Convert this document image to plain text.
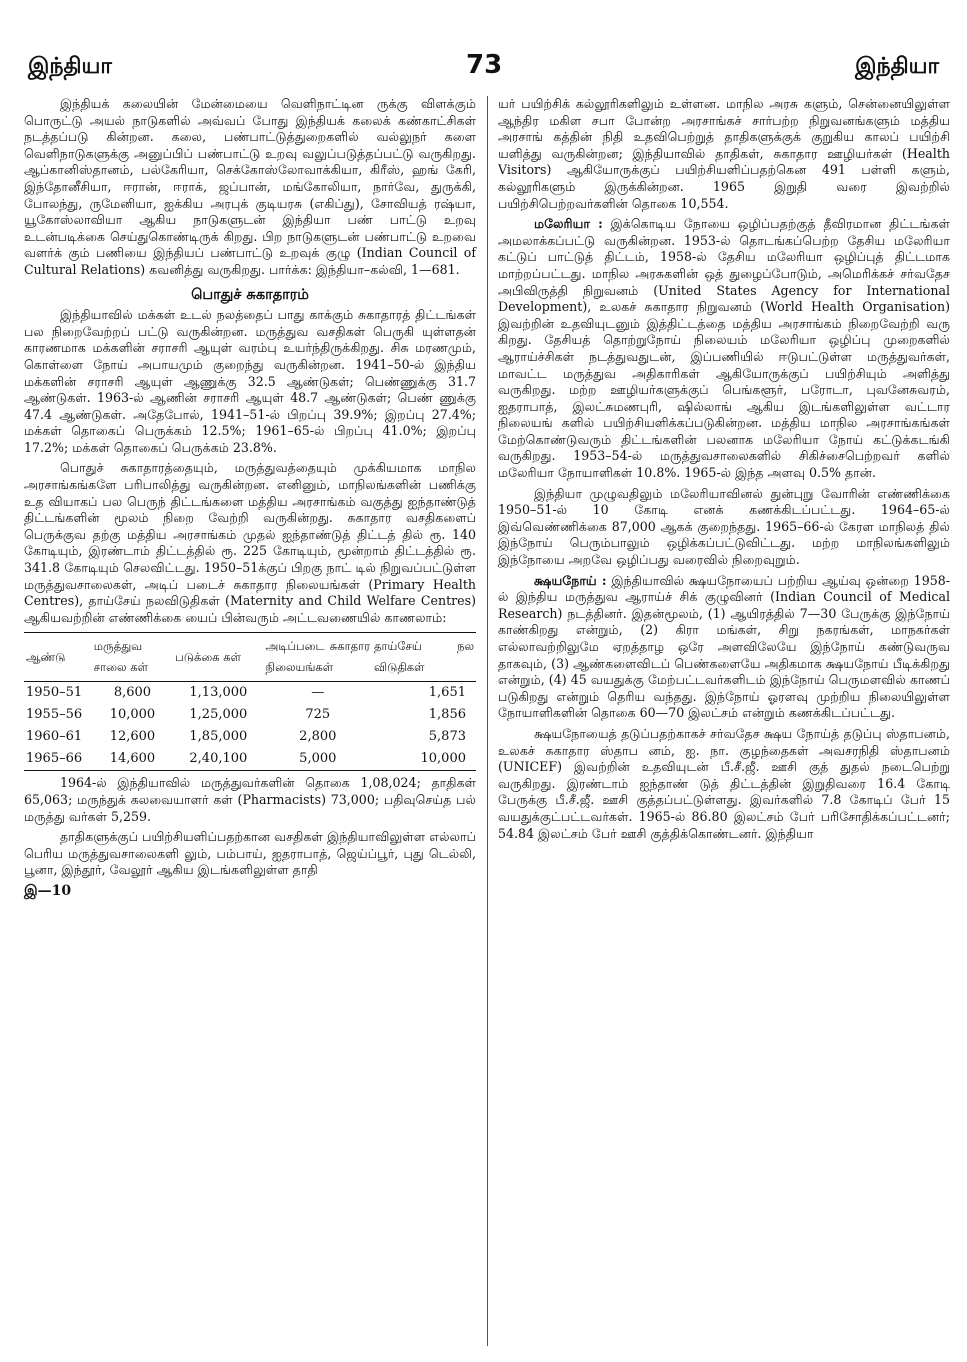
இந்தியா	73	இந்தியா

இந்தியக் கலையின் மேன்மையை வெளிநாட்டின ருக்கு விளக்கும் பொருட்டு அயல் நாடுகளில் அவ்வப் போது இந்தியக் கலைக் கண்காட்சிகள் நடத்தப்படு கின்றன. கலை, பண்பாட்டுத்துறைகளில் வல்லுநர் களை வெளிநாடுகளுக்கு அனுப்பிப் பண்பாட்டு உறவு வலுப்படுத்தப்பட்டு வருகிறது. ஆப்கானிஸ்தானம், பல்கேரியா, செக்கோஸ்லோவாக்கியா, கிரீஸ், ஹங் கேரி, இந்தோனீசியா, ஈரான், ஈராக், ஜப்பான், மங்கோலியா, நார்வே, துருக்கி, போலந்து, ருமேனியா, ஐக்கிய அரபுக் குடியரசு (எகிப்து), சோவியத் ரஷ்யா, யூகோஸ்லாவியா ஆகிய நாடுகளுடன் இந்தியா பண் பாட்டு உறவு உடன்படிக்கை செய்துகொண்டிருக் கிறது. பிற நாடுகளுடன் பண்பாட்டு உறவை வளர்க் கும் பணியை இந்தியப் பண்பாட்டு உறவுக் குழு (Indian Council of Cultural Relations) கவனித்து வருகிறது. பார்க்க: இந்தியா–கல்வி, 1—681.

பொதுச் சுகாதாரம்

இந்தியாவில் மக்கள் உடல் நலத்தைப் பாது காக்கும் சுகாதாரத் திட்டங்கள் பல நிறைவேற்றப் பட்டு வருகின்றன. மருத்துவ வசதிகள் பெருகி யுள்ளதன் காரணமாக மக்களின் சராசரி ஆயுள் வரம்பு உயர்ந்திருக்கிறது. சிசு மரணமும், கொள்ளை நோய் அபாயமும் குறைந்து வருகின்றன. 1941–50-ல் இந்திய மக்களின் சராசரி ஆயுள் ஆணுக்கு 32.5 ஆண்டுகள்; பெண்ணுக்கு 31.7 ஆண்டுகள். 1963-ல் ஆணின் சராசரி ஆயுள் 48.7 ஆண்டுகள்; பெண் ணுக்கு 47.4 ஆண்டுகள். அதேபோல், 1941–51-ல் பிறப்பு 39.9%; இறப்பு 27.4%; மக்கள் தொகைப் பெருக்கம் 12.5%; 1961–65-ல் பிறப்பு 41.0%; இறப்பு 17.2%; மக்கள் தொகைப் பெருக்கம் 23.8%.

பொதுச் சுகாதாரத்தையும், மருத்துவத்தையும் முக்கியமாக மாநில அரசாங்கங்களே பரிபாலித்து வருகின்றன. எனினும், மாநிலங்களின் பணிக்கு உத வியாகப் பல பெருந் திட்டங்களை மத்திய அரசாங்கம் வகுத்து ஐந்தாண்டுத் திட்டங்களின் மூலம் நிறை வேற்றி வருகின்றது. சுகாதார வசதிகளைப் பெருக்குவ தற்கு மத்திய அரசாங்கம் முதல் ஐந்தாண்டுத் திட்டத் தில் ரூ. 140 கோடியும், இரண்டாம் திட்டத்தில் ரூ. 225 கோடியும், மூன்றாம் திட்டத்தில் ரூ. 341.8 கோடியும் செலவிட்டது. 1950–51க்குப் பிறகு நாட் டில் நிறுவப்பட்டுள்ள மருத்துவசாலைகள், அடிப் படைச் சுகாதார நிலையங்கள் (Primary Health Centres), தாய்சேய் நலவிடுதிகள் (Maternity and Child Welfare Centres) ஆகியவற்றின் எண்ணிக்கை யைப் பின்வரும் அட்டவணையில் காணலாம்:

ஆண்டு	மருத்துவ சாலை கள்	படுக்கை கள்	அடிப்படை சுகாதார நிலையங்கள்	தாய்சேய் நல விடுதிகள்
1950–51	8,600	1,13,000	—	1,651
1955–56	10,000	1,25,000	725	1,856
1960–61	12,600	1,85,000	2,800	5,873
1965–66	14,600	2,40,100	5,000	10,000

1964-ல் இந்தியாவில் மருத்துவர்களின் தொகை 1,08,024; தாதிகள் 65,063; மருந்துக் கலவையாளர் கள் (Pharmacists) 73,000; பதிவுசெய்த பல் மருத்து வர்கள் 5,259.

தாதிகளுக்குப் பயிற்சியளிப்பதற்கான வசதிகள் இந்தியாவிலுள்ள எல்லாப் பெரிய மருத்துவசாலைகளி லும், பம்பாய், ஐதராபாத், ஜெய்ப்பூர், புது டெல்லி, பூனா, இந்தூர், வேலூர் ஆகிய இடங்களிலுள்ள தாதி

இ—10

யர் பயிற்சிக் கல்லூரிகளிலும் உள்ளன. மாநில அரசு களும், சென்னையிலுள்ள ஆந்திர மகிள சபா போன்ற அரசாங்கச் சார்பற்ற நிறுவனங்களும் மத்திய அரசாங் கத்தின் நிதி உதவிபெற்றுத் தாதிகளுக்குக் குறுகிய காலப் பயிற்சி யளித்து வருகின்றன; இந்தியாவில் தாதிகள், சுகாதார ஊழியர்கள் (Health Visitors) ஆகியோருக்குப் பயிற்சியளிப்பதற்கென 491 பள்ளி களும், கல்லூரிகளும் இருக்கின்றன. 1965 இறுதி வரை இவற்றில் பயிற்சிபெற்றவர்களின் தொகை 10,554.

மலேரியா : இக்கொடிய நோயை ஒழிப்பதற்குத் தீவிரமான திட்டங்கள் அமலாக்கப்பட்டு வருகின்றன. 1953-ல் தொடங்கப்பெற்ற தேசிய மலேரியா கட்டுப் பாட்டுத் திட்டம், 1958-ல் தேசிய மலேரியா ஒழிப்புத் திட்டமாக மாற்றப்பட்டது. மாநில அரசுகளின் ஒத் துழைப்போடும், அமெரிக்கச் சர்வதேச அபிவிருத்தி நிறுவனம் (United States Agency for International Development), உலகச் சுகாதார நிறுவனம் (World Health Organisation) இவற்றின் உதவியுடனும் இத்திட்டத்தை மத்திய அரசாங்கம் நிறைவேற்றி வரு கிறது. தேசியத் தொற்றுநோய் நிலையம் மலேரியா ஒழிப்பு முறைகளில் ஆராய்ச்சிகள் நடத்துவதுடன், இப்பணியில் ஈடுபட்டுள்ள மருத்துவர்கள், மாவட்ட மருத்துவ அதிகாரிகள் ஆகியோருக்குப் பயிற்சியும் அளித்து வருகிறது. மற்ற ஊழியர்களுக்குப் பெங்களூர், பரோடா, புவனேசுவரம், ஐதராபாத், இலட்சுமணபுரி, ஷில்லாங் ஆகிய இடங்களிலுள்ள வட்டார நிலையங் களில் பயிற்சியளிக்கப்படுகின்றன. மத்திய மாநில அரசாங்கங்கள் மேற்கொண்டுவரும் திட்டங்களின் பலனாக மலேரியா நோய் கட்டுக்கடங்கி வருகிறது. 1953–54-ல் மருத்துவசாலைகளில் சிகிச்சைபெற்றவர் களில் மலேரியா நோயாளிகள் 10.8%. 1965-ல் இந்த அளவு 0.5% தான்.

இந்தியா முழுவதிலும் மலேரியாவினல் துன்புறு வோரின் எண்ணிக்கை 1950–51-ல் 10 கோடி எனக் கணக்கிடப்பட்டது. 1964–65-ல் இவ்வெண்ணிக்கை 87,000 ஆகக் குறைந்தது. 1965–66-ல் கேரள மாநிலத் தில் இந்நோய் பெரும்பாலும் ஒழிக்கப்பட்டுவிட்டது. மற்ற மாநிலங்களிலும் இந்நோயை அறவே ஒழிப்பது வரைவில் நிறைவுறும்.

க்ஷயநோய் : இந்தியாவில் க்ஷயநோயைப் பற்றிய ஆய்வு ஒன்றை 1958-ல் இந்திய மருத்துவ ஆராய்ச் சிக் குழுவினர் (Indian Council of Medical Research) நடத்தினர். இதன்மூலம், (1) ஆயிரத்தில் 7—30 பேருக்கு இந்நோய் காண்கிறது என்றும், (2) கிரா மங்கள், சிறு நகரங்கள், மாநகர்கள் எல்லாவற்றிலுமே ஏறத்தாழ ஒரே அளவிலேயே இந்நோய் கண்டுவருவ தாகவும், (3) ஆண்களைவிடப் பெண்களையே அதிகமாக க்ஷயநோய் பீடிக்கிறது என்றும், (4) 45 வயதுக்கு மேற்பட்டவர்களிடம் இந்நோய் பெருமளவில் காணப் படுகிறது என்றும் தெரிய வந்தது. இந்நோய் ஓரளவு முற்றிய நிலையிலுள்ள நோயாளிகளின் தொகை 60—70 இலட்சம் என்றும் கணக்கிடப்பட்டது.

க்ஷயநோயைத் தடுப்பதற்காகச் சர்வதேச க்ஷய நோய்த் தடுப்பு ஸ்தாபனம், உலகச் சுகாதார ஸ்தாப னம், ஐ. நா. குழந்தைகள் அவசரநிதி ஸ்தாபனம் (UNICEF) இவற்றின் உதவியுடன் பீ.சீ.ஜீ. ஊசி குத் துதல் நடைபெற்று வருகிறது. இரண்டாம் ஐந்தாண் டுத் திட்டத்தின் இறுதிவரை 16.4 கோடி பேருக்கு பீ.சீ.ஜீ. ஊசி குத்தப்பட்டுள்ளது. இவர்களில் 7.8 கோடிப் பேர் 15 வயதுக்குட்பட்டவர்கள். 1965-ல் 86.80 இலட்சம் பேர் பரிசோதிக்கப்பட்டனர்; 54.84 இலட்சம் பேர் ஊசி குத்திக்கொண்டனர். இந்தியா
